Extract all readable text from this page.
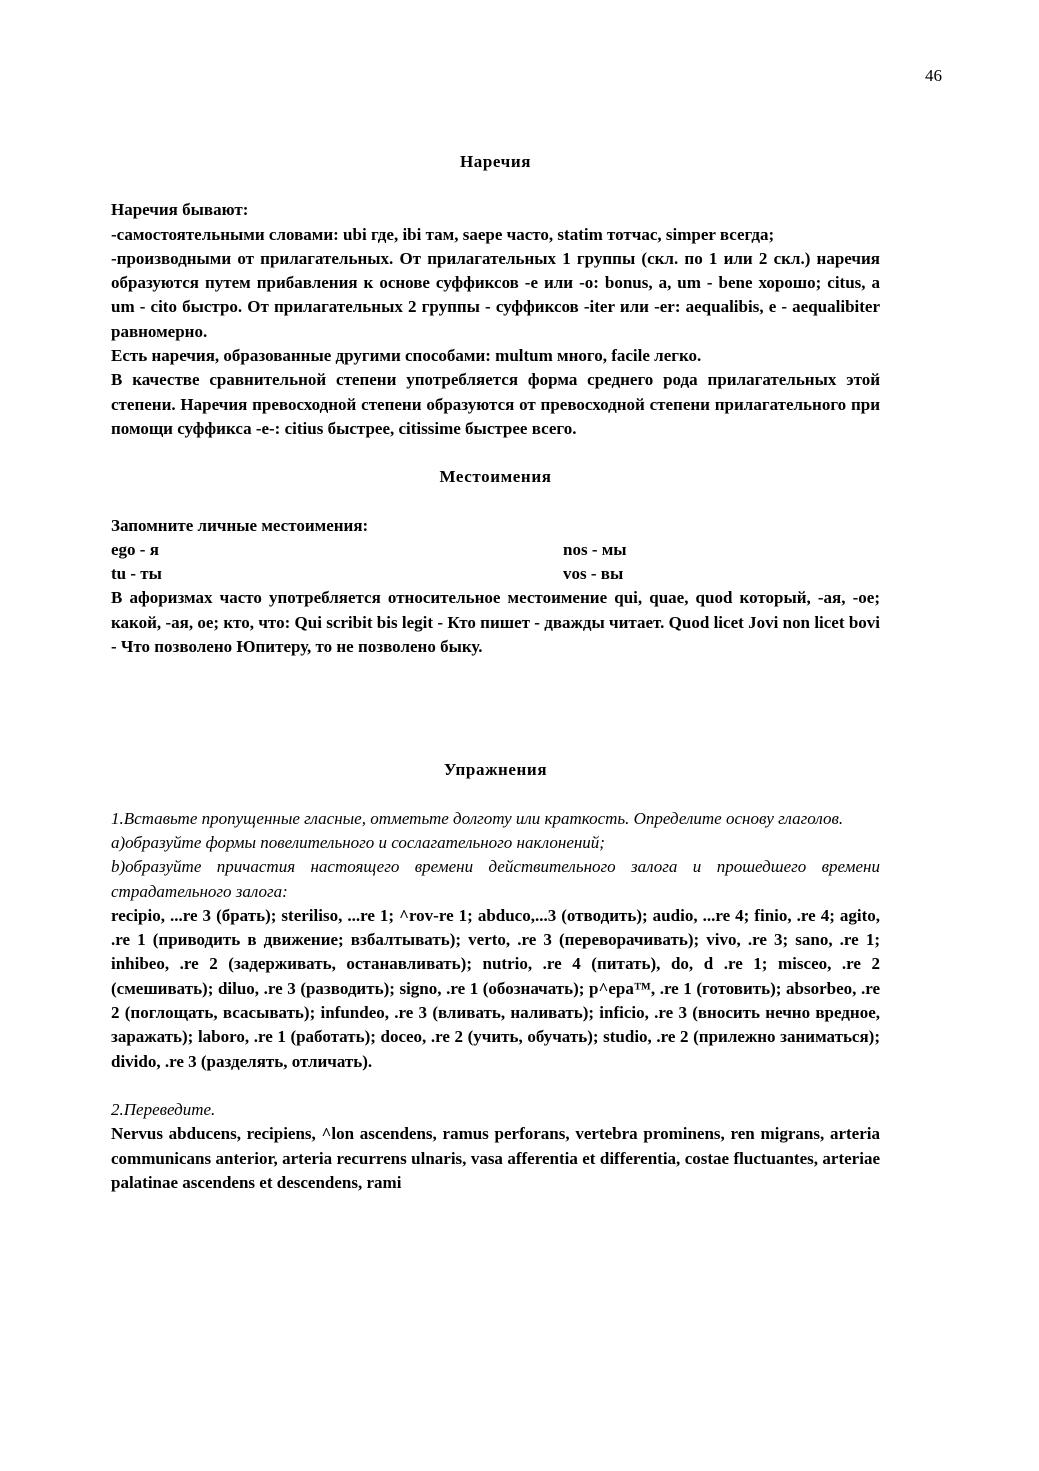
46
Наречия

Наречия бывают:

-самостоятельными словами: ubi где, ibi там, saepe часто, statim тотчас, simper всегда;

-производными от прилагательных. От прилагательных 1 группы (скл. по 1 или 2 скл.) наречия образуются путем прибавления к основе суффиксов -е или -о: bonus, a, um - bene хорошо; citus, a um - cito быстро. От прилагательных 2 группы - суффиксов -iter или -er: aequalibis, e - aequalibiter равномерно.

Есть наречия, образованные другими способами: multum много, facile легко.

В качестве сравнительной степени употребляется форма среднего рода прилагательных этой степени. Наречия превосходной степени образуются от превосходной степени прилагательного при помощи суффикса -е-: citius быстрее, citissime быстрее всего.

Местоимения

Запомните личные местоимения:

ego - я	nos - мы
tu - ты	vos - вы

В афоризмах часто употребляется относительное местоимение qui, quae, quod который, -ая, -ое; какой, -ая, ое; кто, что: Qui scribit bis legit - Кто пишет - дважды читает. Quod licet Jovi non licet bovi - Что позволено Юпитеру, то не позволено быку.

Упражнения

1.Вставьте пропущенные гласные, отметьте долготу или краткость. Определите основу глаголов.

а)образуйте формы повелительного и сослагательного наклонений;

b)образуйте причастия настоящего времени действительного залога и прошедшего времени страдательного залога:

recipio, ...re 3 (брать); steriliso, ...re 1; ^rov-re 1; abduco,...3 (отводить); audio, ...re 4; finio, .re 4; agito, .re 1 (приводить в движение; взбалтывать); verto, .re 3 (переворачивать); vivo, .re 3; sano, .re 1; inhibeo, .re 2 (задерживать, останавливать); nutrio, .re 4 (питать), do, d .re 1; misceo, .re 2 (смешивать); diluo, .re 3 (разводить); signo, .re 1 (обозначать); p^epa™, .re 1 (готовить); absorbeo, .re 2 (поглощать, всасывать); infundeo, .re 3 (вливать, наливать); inficio, .re 3 (вносить нечно вредное, заражать); laboro, .re 1 (работать); doceo, .re 2 (учить, обучать); studio, .re 2 (прилежно заниматься); divido, .re 3 (разделять, отличать).

2.Переведите.

Nervus abducens, recipiens, ^lon ascendens, ramus perforans, vertebra prominens, ren migrans, arteria communicans anterior, arteria recurrens ulnaris, vasa afferentia et differentia, costae fluctuantes, arteriae palatinae ascendens et descendens, rami
